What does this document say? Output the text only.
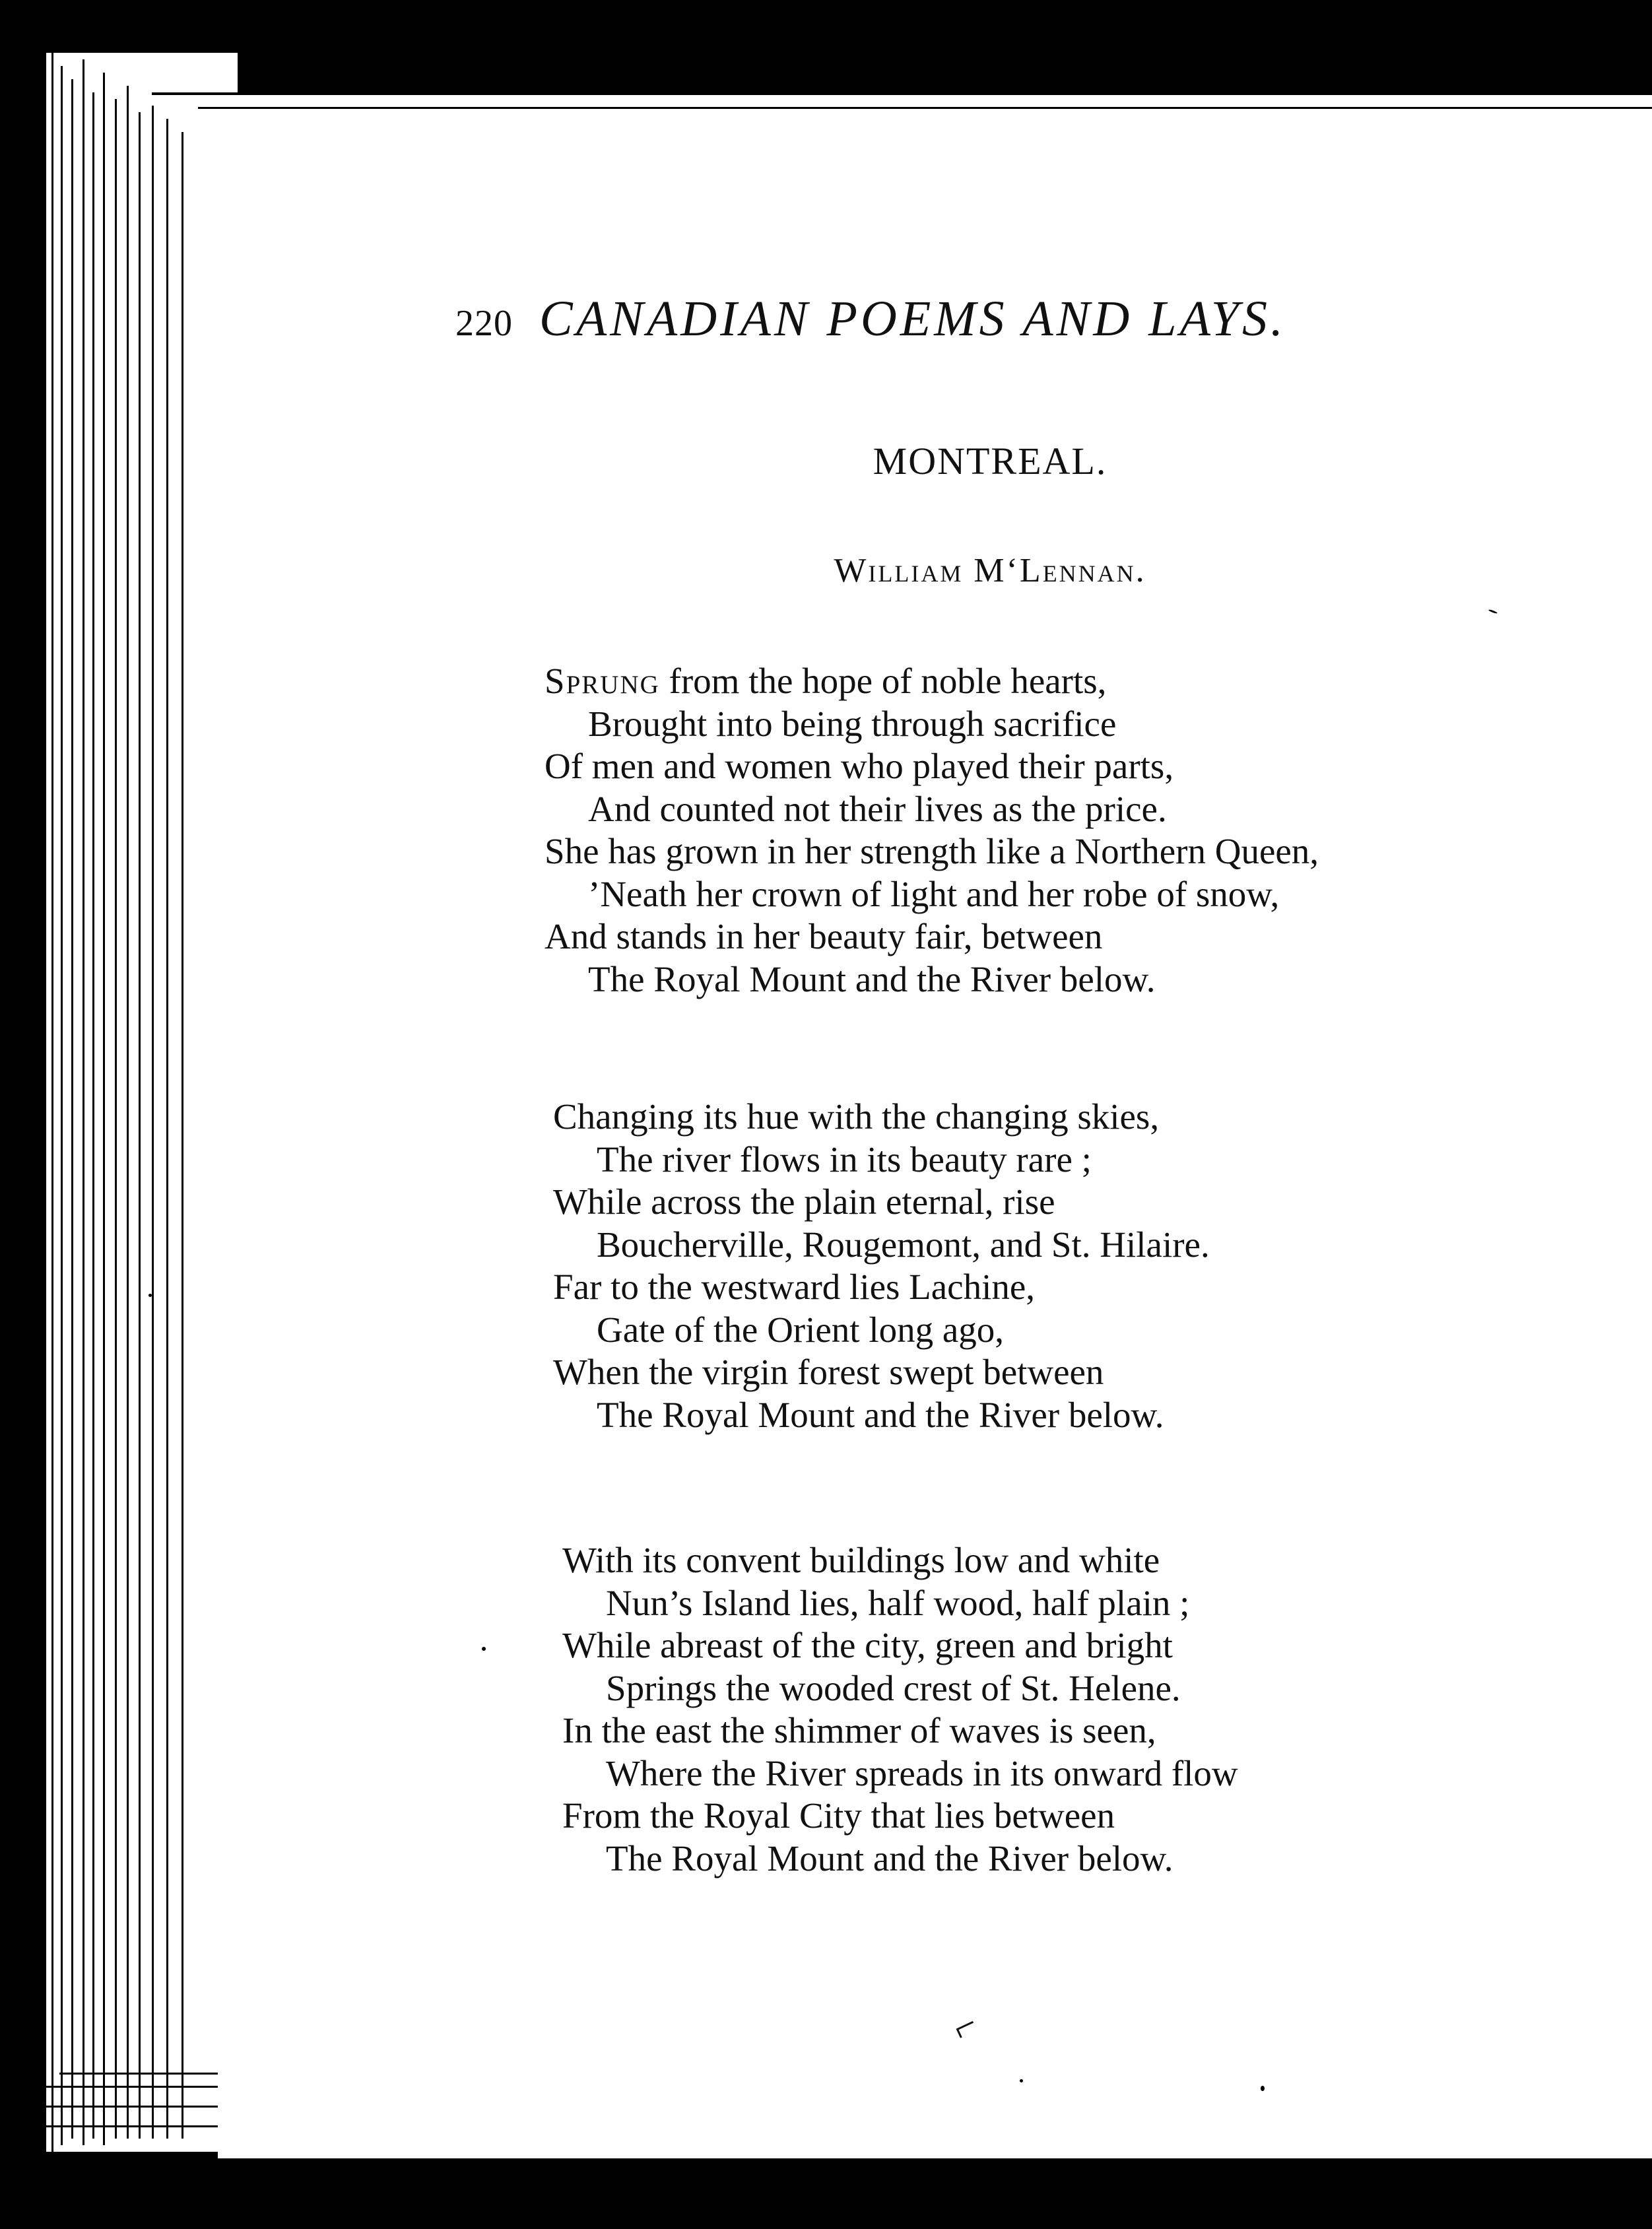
220 CANADIAN POEMS AND LAYS.
MONTREAL.
William M‘Lennan.
Sprung from the hope of noble hearts,
Brought into being through sacrifice
Of men and women who played their parts,
And counted not their lives as the price.
She has grown in her strength like a Northern Queen,
’Neath her crown of light and her robe of snow,
And stands in her beauty fair, between
The Royal Mount and the River below.
Changing its hue with the changing skies,
The river flows in its beauty rare ;
While across the plain eternal, rise
Boucherville, Rougemont, and St. Hilaire.
Far to the westward lies Lachine,
Gate of the Orient long ago,
When the virgin forest swept between
The Royal Mount and the River below.
With its convent buildings low and white
Nun’s Island lies, half wood, half plain ;
While abreast of the city, green and bright
Springs the wooded crest of St. Helene.
In the east the shimmer of waves is seen,
Where the River spreads in its onward flow
From the Royal City that lies between
The Royal Mount and the River below.
⌐
